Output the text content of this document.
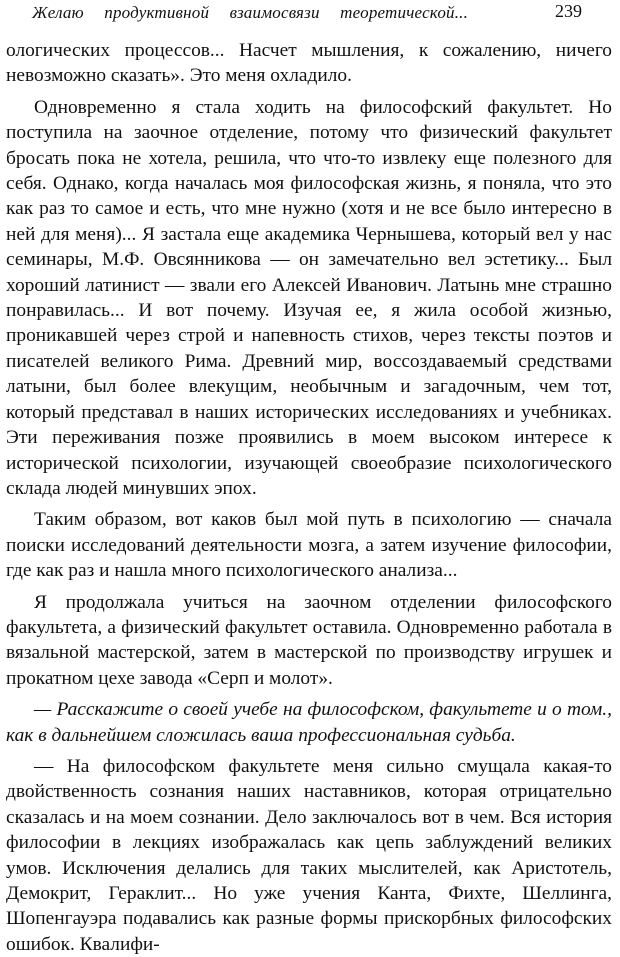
Желаю продуктивной взаимосвязи теоретической...	239

ологических процессов... Насчет мышления, к сожалению, ничего невозможно сказать». Это меня охладило.

Одновременно я стала ходить на философский факультет. Но поступила на заочное отделение, потому что физический факультет бросать пока не хотела, решила, что что-то извлеку еще полезного для себя. Однако, когда началась моя философская жизнь, я поняла, что это как раз то самое и есть, что мне нужно (хотя и не все было интересно в ней для меня)... Я застала еще академика Чернышева, который вел у нас семинары, М.Ф. Овсянникова — он замечательно вел эстетику... Был хороший латинист — звали его Алексей Иванович. Латынь мне страшно понравилась... И вот почему. Изучая ее, я жила особой жизнью, проникавшей через строй и напевность стихов, через тексты поэтов и писателей великого Рима. Древний мир, воссоздаваемый средствами латыни, был более влекущим, необычным и загадочным, чем тот, который представал в наших исторических исследованиях и учебниках. Эти переживания позже проявились в моем высоком интересе к исторической психологии, изучающей своеобразие психологического склада людей минувших эпох.

Таким образом, вот каков был мой путь в психологию — сначала поиски исследований деятельности мозга, а затем изучение философии, где как раз и нашла много психологического анализа...

Я продолжала учиться на заочном отделении философского факультета, а физический факультет оставила. Одновременно работала в вязальной мастерской, затем в мастерской по производству игрушек и прокатном цехе завода «Серп и молот».

— Расскажите о своей учебе на философском, факультете и о том., как в дальнейшем сложилась ваша профессиональная судьба.

— На философском факультете меня сильно смущала какая-то двойственность сознания наших наставников, которая отрицательно сказалась и на моем сознании. Дело заключалось вот в чем. Вся история философии в лекциях изображалась как цепь заблуждений великих умов. Исключения делались для таких мыслителей, как Аристотель, Демокрит, Гераклит... Но уже учения Канта, Фихте, Шеллинга, Шопенгауэра подавались как разные формы прискорбных философских ошибок. Квалифи-
